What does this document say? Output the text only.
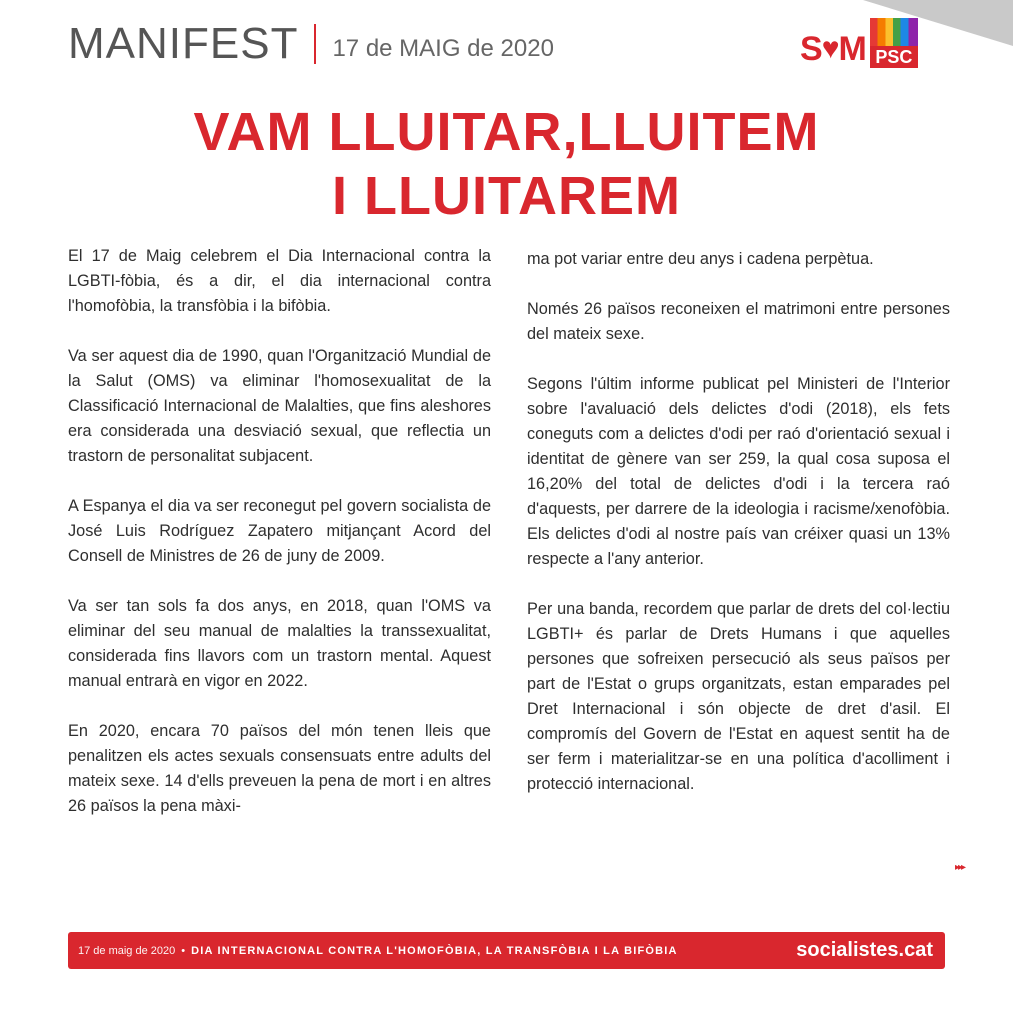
MANIFEST 17 de MAIG de 2020	S♥M PSC
VAM LLUITAR,LLUITEM
I LLUITAREM

El 17 de Maig celebrem el Dia Internacional contra la LGBTI-fòbia, és a dir, el dia internacional contra l'homofòbia, la transfòbia i la bifòbia.

Va ser aquest dia de 1990, quan l'Organització Mundial de la Salut (OMS) va eliminar l'homosexualitat de la Classificació Internacional de Malalties, que fins aleshores era considerada una desviació sexual, que reflectia un trastorn de personalitat subjacent.

A Espanya el dia va ser reconegut pel govern socialista de José Luis Rodríguez Zapatero mitjançant Acord del Consell de Ministres de 26 de juny de 2009.

Va ser tan sols fa dos anys, en 2018, quan l'OMS va eliminar del seu manual de malalties la transsexualitat, considerada fins llavors com un trastorn mental. Aquest manual entrarà en vigor en 2022.

En 2020, encara 70 països del món tenen lleis que penalitzen els actes sexuals consensuats entre adults del mateix sexe. 14 d'ells preveuen la pena de mort i en altres 26 països la pena màxi-

ma pot variar entre deu anys i cadena perpètua.

Només 26 països reconeixen el matrimoni entre persones del mateix sexe.

Segons l'últim informe publicat pel Ministeri de l'Interior sobre l'avaluació dels delictes d'odi (2018), els fets coneguts com a delictes d'odi per raó d'orientació sexual i identitat de gènere van ser 259, la qual cosa suposa el 16,20% del total de delictes d'odi i la tercera raó d'aquests, per darrere de la ideologia i racisme/xenofòbia. Els delictes d'odi al nostre país van créixer quasi un 13% respecte a l'any anterior.

Per una banda, recordem que parlar de drets del col·lectiu LGBTI+ és parlar de Drets Humans i que aquelles persones que sofreixen persecució als seus països per part de l'Estat o grups organitzats, estan emparades pel Dret Internacional i són objecte de dret d'asil. El compromís del Govern de l'Estat en aquest sentit ha de ser ferm i materialitzar-se en una política d'acolliment i protecció internacional.

▸▸▸
17 de maig de 2020 • DIA INTERNACIONAL CONTRA L'HOMOFÒBIA, LA TRANSFÒBIA I LA BIFÒBIA	socialistes.cat
